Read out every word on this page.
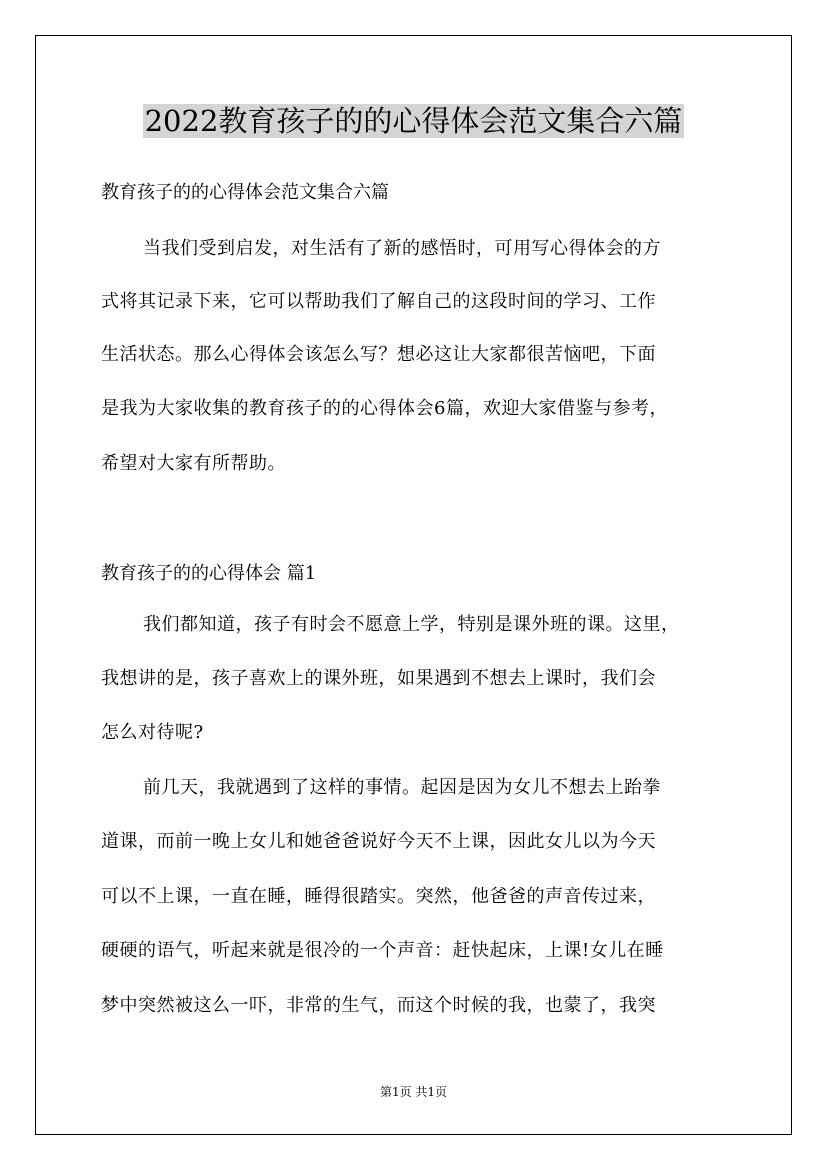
2022教育孩子的的心得体会范文集合六篇
教育孩子的的心得体会范文集合六篇
当我们受到启发，对生活有了新的感悟时，可用写心得体会的方
式将其记录下来，它可以帮助我们了解自己的这段时间的学习、工作
生活状态。那么心得体会该怎么写？想必这让大家都很苦恼吧，下面
是我为大家收集的教育孩子的的心得体会6篇，欢迎大家借鉴与参考，
希望对大家有所帮助。
教育孩子的的心得体会 篇1
我们都知道，孩子有时会不愿意上学，特别是课外班的课。这里，
我想讲的是，孩子喜欢上的课外班，如果遇到不想去上课时，我们会
怎么对待呢?
前几天，我就遇到了这样的事情。起因是因为女儿不想去上跆拳
道课，而前一晚上女儿和她爸爸说好今天不上课，因此女儿以为今天
可以不上课，一直在睡，睡得很踏实。突然，他爸爸的声音传过来，
硬硬的语气，听起来就是很冷的一个声音：赶快起床，上课!女儿在睡
梦中突然被这么一吓，非常的生气，而这个时候的我，也蒙了，我突
第1页 共1页
